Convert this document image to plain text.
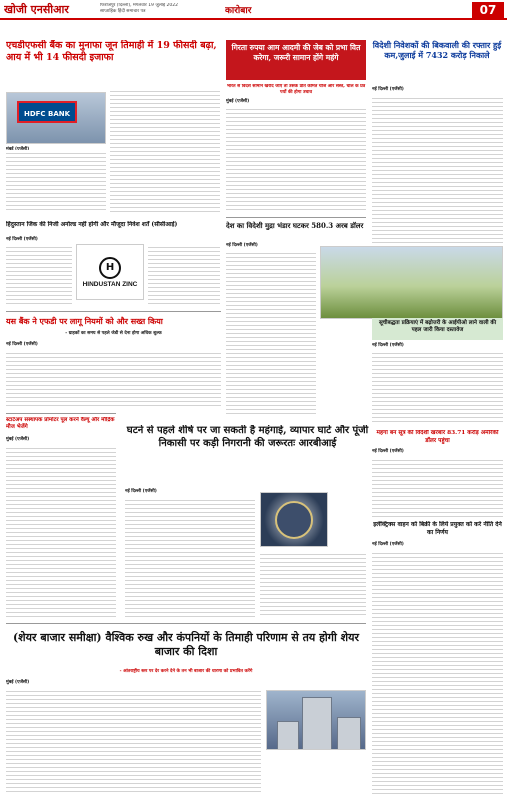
खोजी एनसीआर	फिरोजपुर (दिल्ली), मंगलवार 19 जुलाई 2022
साप्ताहिक हिंदी समाचार पत्र	कारोबार	07
एचडीएफसी बैंक का मुनाफा जून तिमाही में 19 फीसदी बढ़ा, आय में भी 14 फीसदी इजाफा
HDFC BANK
हिंदुस्तान जिंक की निजी अनोल्ड नहीं होगी और मौजूदा निवेश शर्तें (सीसीआई)
नई दिल्ली (एजेंसी)
H
HINDUSTAN ZINC
यस बैंक ने एफडी पर लागू नियमों को और सख्त किया
- ग्राहकों का समय से पहले जेडी से देना होगा अधिक शुल्क
नई दिल्ली (एजेंसी)
स्टार्टअप संस्थापक प्रोमोटर पूल करने वैल्यू और मौद्रिक मौज भेजेंगे
मुंबई (एजेंसी)
गिरता रुपया आम आदमी की जेब को प्रभा वित करेगा, जरूरी सामान होंगे महंगे
भारत से विदेश सामान खरीदे जाए तो उसके प्रति कीमत चीज और सस्ते, चाल के प्रत्र पर्यो की होगा उचाव
मुंबई (एजेंसी)
विदेशी निवेशकों की बिकवाली की रफ्तार हुई कम,जुलाई में 7432 करोड़ निकाले
नई दिल्ली (एजेंसी)
देश का विदेशी मुद्रा भंडार घटकर 580.3 अरब डॉलर
नई दिल्ली (एजेंसी)
सूचीबद्धता प्रक्रियाएं में बढ़ोत्तरी के आईपीओ लाने वाली की पहल जारी किया दस्तावेज
नई दिल्ली (एजेंसी)
घटने से पहले शीर्ष पर जा सकती है महंगाई, व्यापार घाटे और पूंजी निकासी पर कड़ी निगरानी की जरूरतः आरबीआई
नई दिल्ली (एजेंसी)
मंहगा बन सूत्र की विदेशी खरबार 83.71 करोड़ अमेरिकी डॉलर पहुंचा
नई दिल्ली (एजेंसी)
इलेक्ट्रिक्स वाहन को बिक्री के लिये प्रयुक्त को करे नीति देने का निर्णय
नई दिल्ली (एजेंसी)
(शेयर बाजार समीक्षा) वैश्विक रुख और कंपनियों के तिमाही परिणाम से तय होगी शेयर बाजार की दिशा
- आंतराष्ट्रीय स्तर पर देर करने देने के तन भी बाजार की धारणा को प्रभावित करेंगे
मुंबई (एजेंसी)
